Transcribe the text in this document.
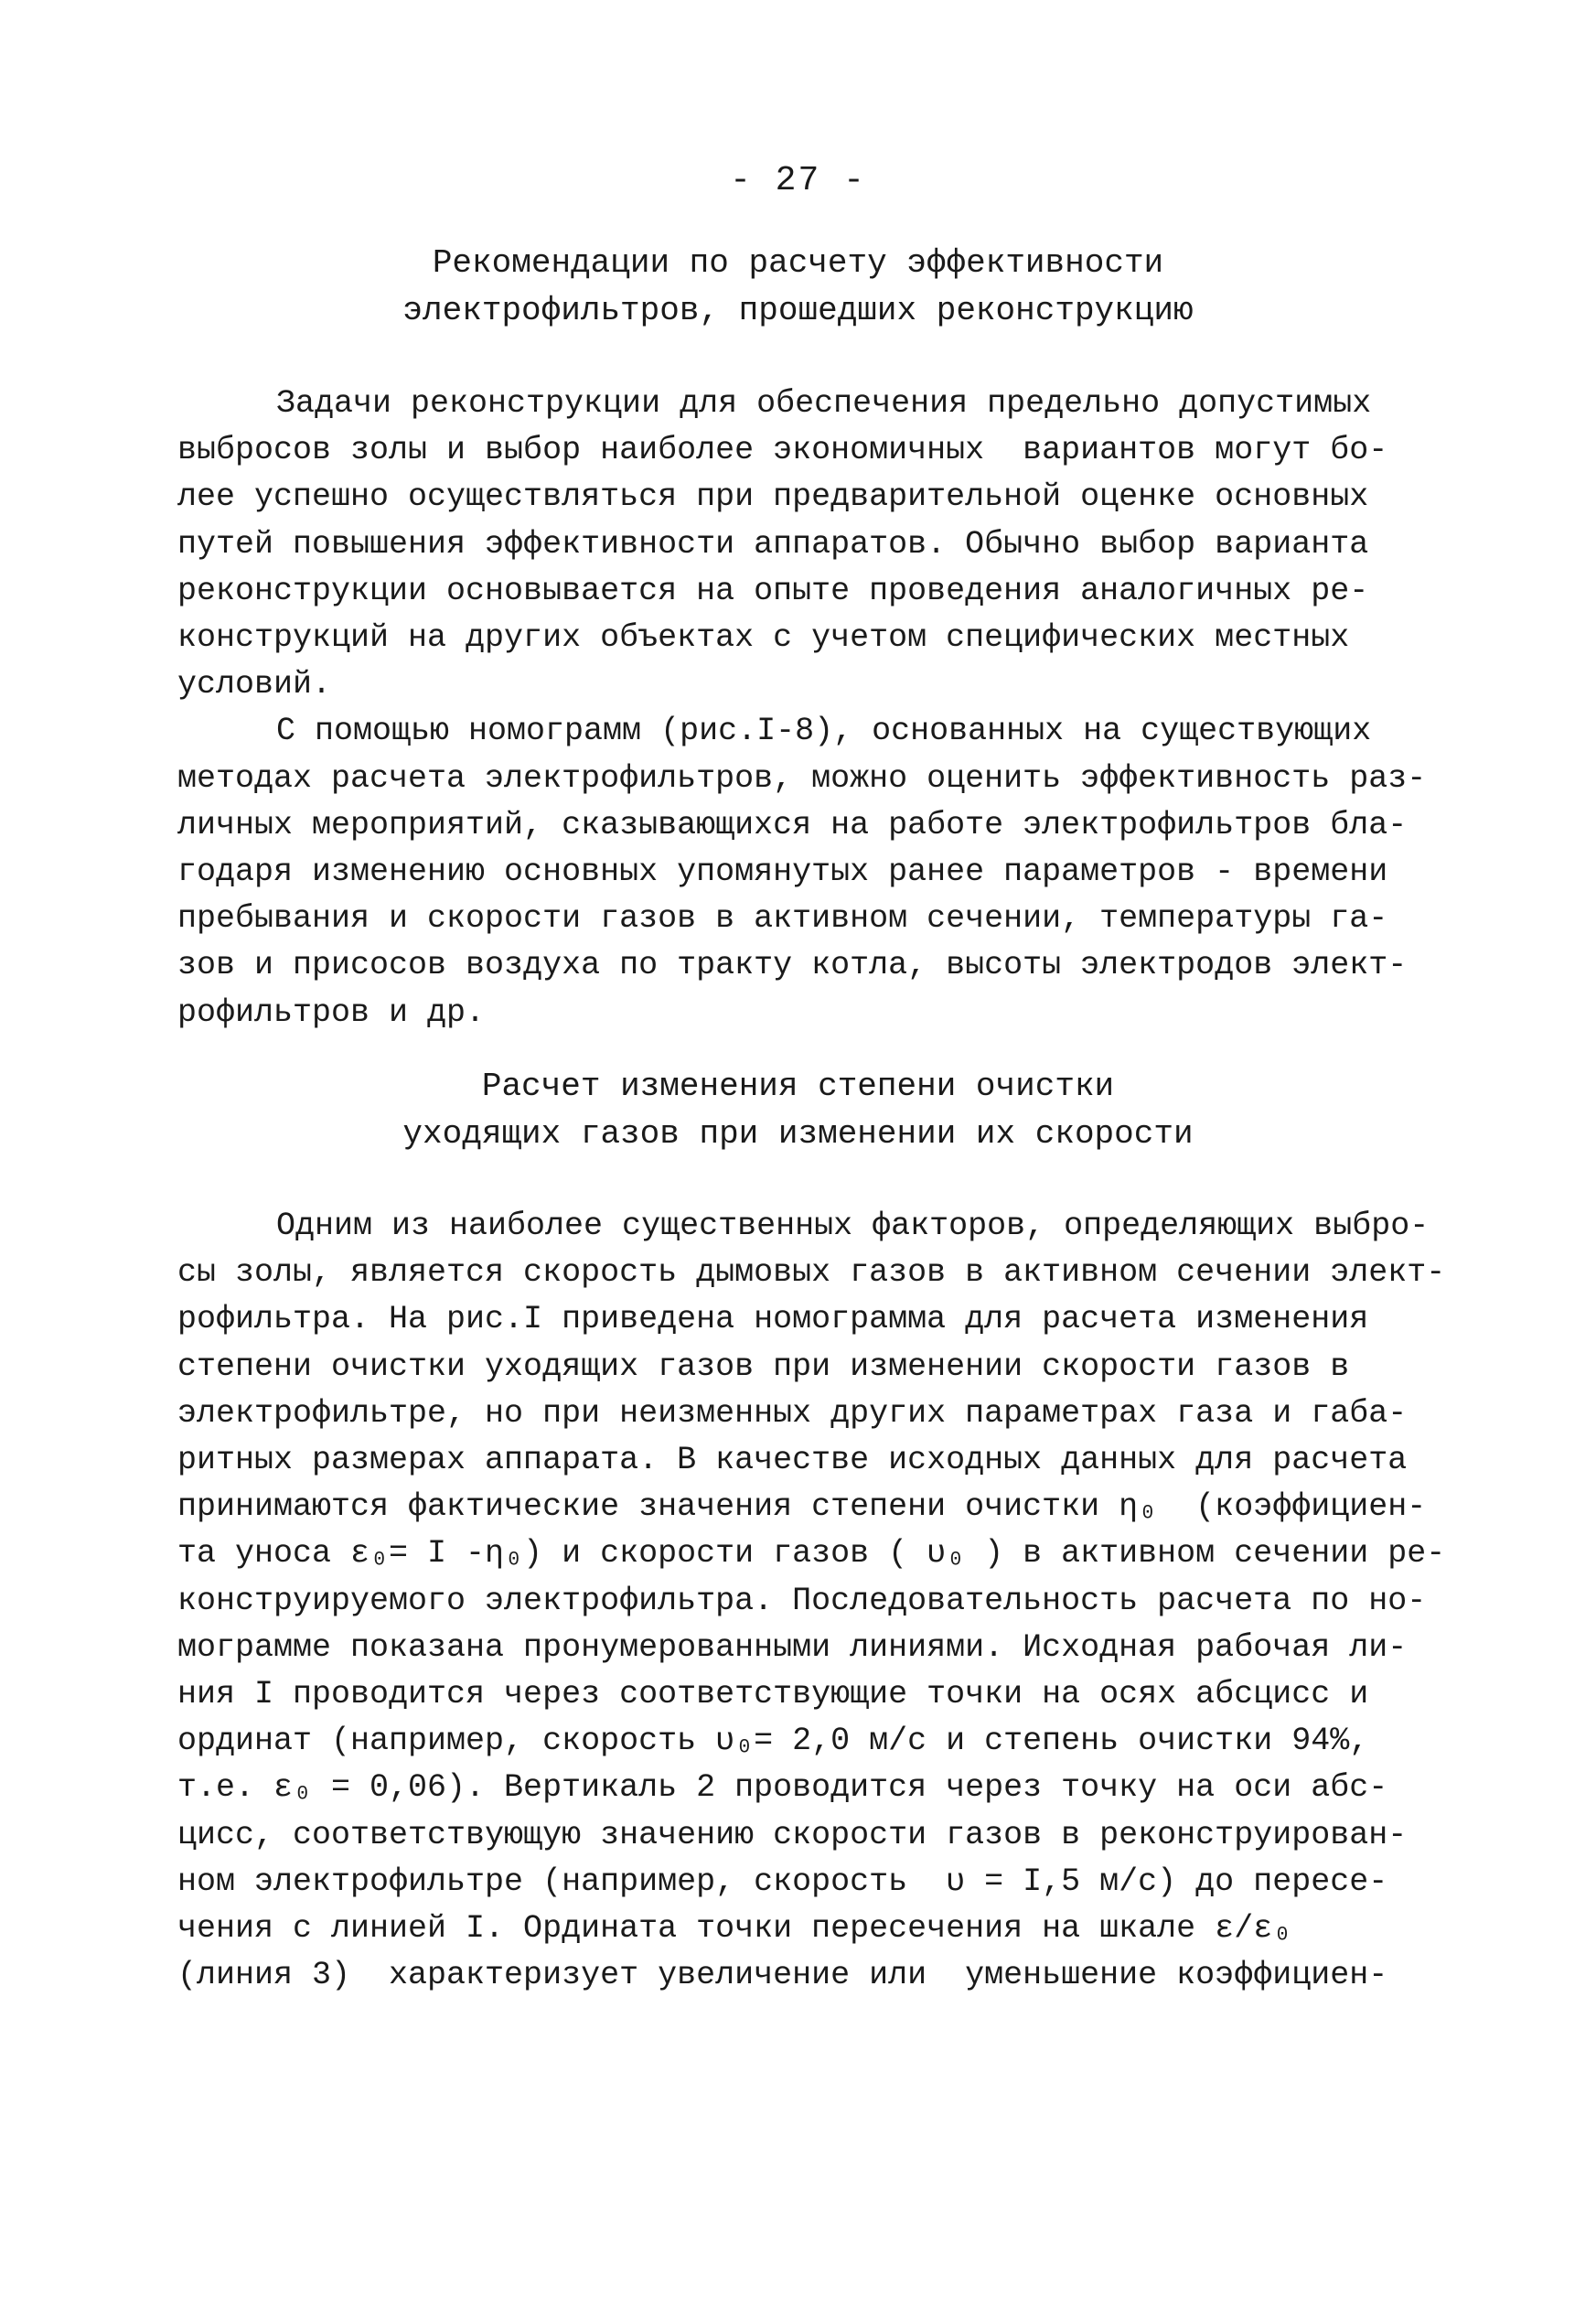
- 27 -
Рекомендации по расчету эффективности
электрофильтров, прошедших реконструкцию
Задачи реконструкции для обеспечения предельно допустимых
выбросов золы и выбор наиболее экономичных  вариантов могут бо-
лее успешно осуществляться при предварительной оценке основных
путей повышения эффективности аппаратов. Обычно выбор варианта
реконструкции основывается на опыте проведения аналогичных ре-
конструкций на других объектах с учетом специфических местных
условий.
С помощью номограмм (рис.I-8), основанных на существующих
методах расчета электрофильтров, можно оценить эффективность раз-
личных мероприятий, сказывающихся на работе электрофильтров бла-
годаря изменению основных упомянутых ранее параметров - времени
пребывания и скорости газов в активном сечении, температуры га-
зов и присосов воздуха по тракту котла, высоты электродов элект-
рофильтров и др.
Расчет изменения степени очистки
уходящих газов при изменении их скорости
Одним из наиболее существенных факторов, определяющих выбро-
сы золы, является скорость дымовых газов в активном сечении элект-
рофильтра. На рис.I приведена номограмма для расчета изменения
степени очистки уходящих газов при изменении скорости газов в
электрофильтре, но при неизменных других параметрах газа и габа-
ритных размерах аппарата. В качестве исходных данных для расчета
принимаются фактические значения степени очистки η₀  (коэффициен-
та уноса ε₀= I -η₀) и скорости газов ( υ₀ ) в активном сечении ре-
конструируемого электрофильтра. Последовательность расчета по но-
мограмме показана пронумерованными линиями. Исходная рабочая ли-
ния I проводится через соответствующие точки на осях абсцисс и
ординат (например, скорость υ₀= 2,0 м/с и степень очистки 94%,
т.е. ε₀ = 0,06). Вертикаль 2 проводится через точку на оси абс-
цисс, соответствующую значению скорости газов в реконструирован-
ном электрофильтре (например, скорость  υ = I,5 м/с) до пересе-
чения с линией I. Ордината точки пересечения на шкале ε/ε₀
(линия 3)  характеризует увеличение или  уменьшение коэффициен-
